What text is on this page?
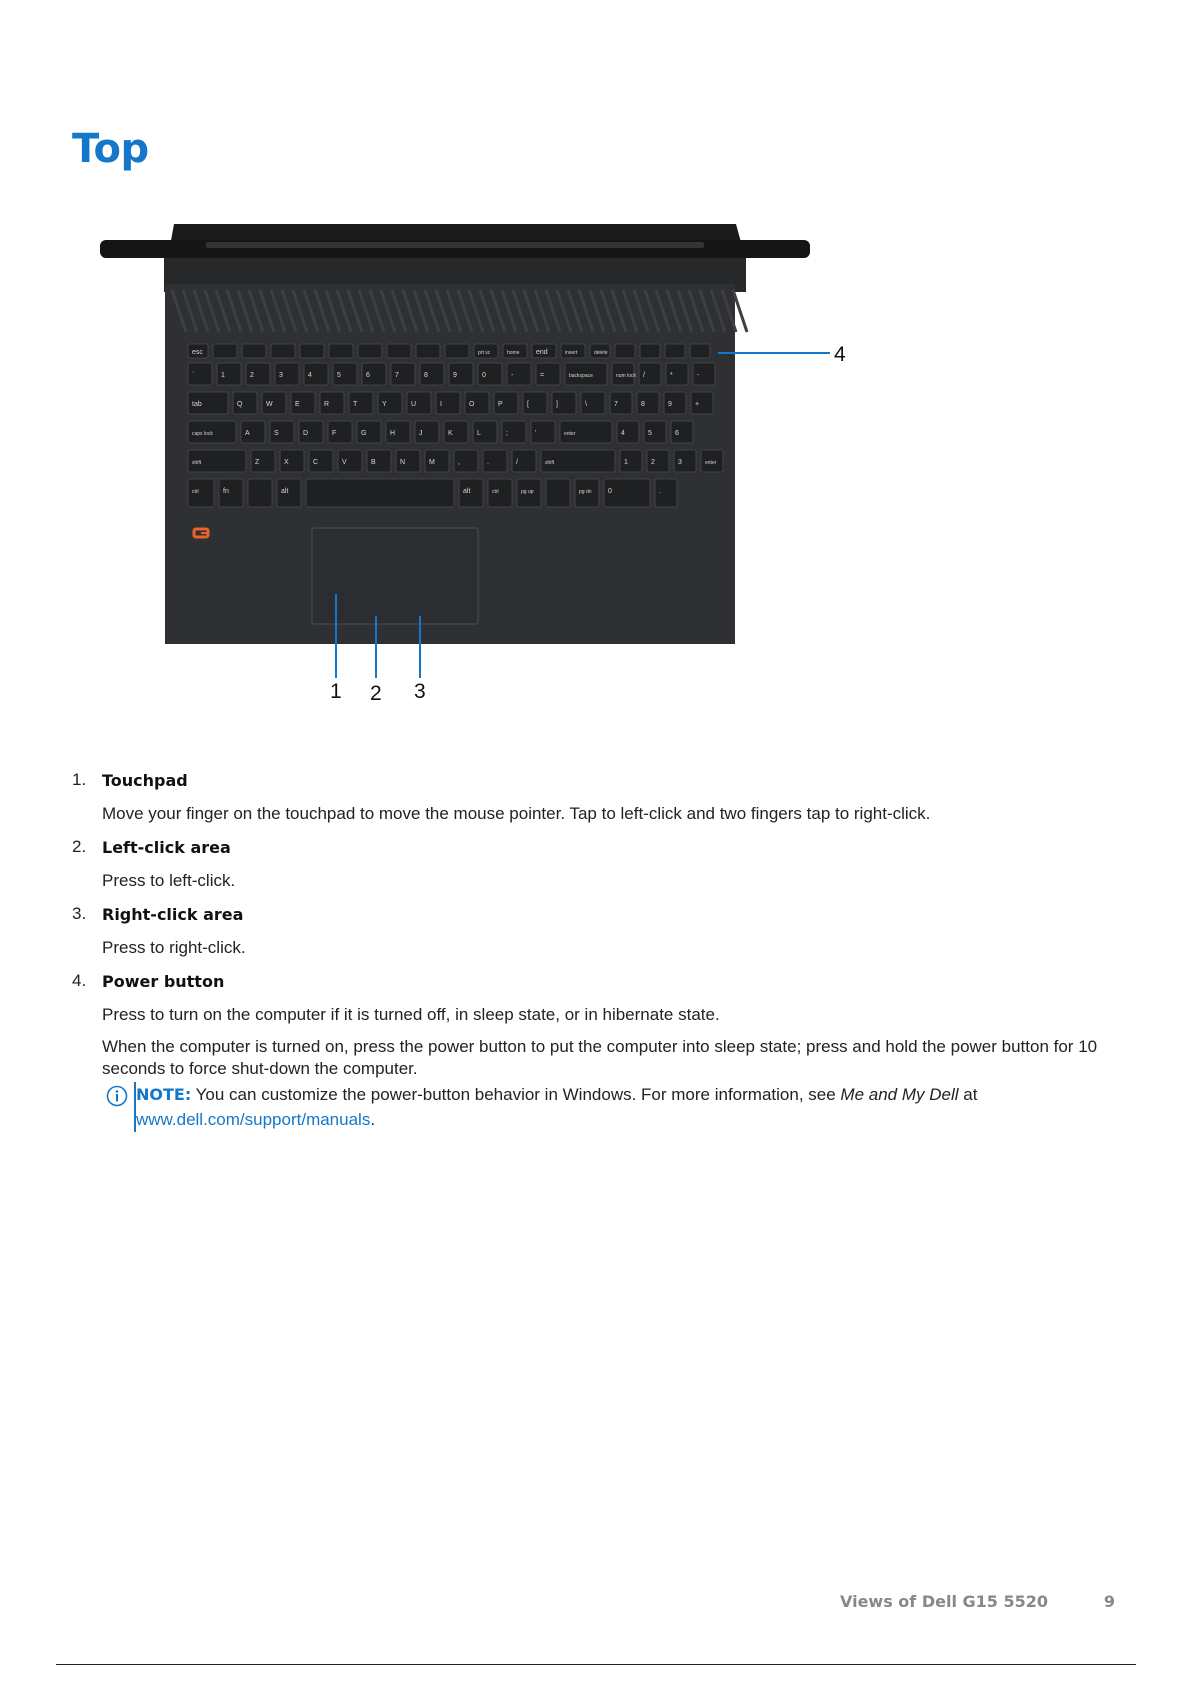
Top
esc	prt sc	home end	insert	delete
`	1	2	3	4	5	6	7	8	9	0	-	=	backspace	num lock /	*	-
tab	Q	W	E	R	T	Y	U	I	O	P	[	]	\	7	8	9	+
caps lock	A	S	D	F	G	H	J	K	L	;	'	enter	4	5	6
shift	Z	X	C	V	B	N	M	,	.	/	shift	1	2	3	enter
ctrl	fn	alt	alt	ctrl	pg up	pg dn 0	.
1 2 3
4
1. Touchpad
Move your finger on the touchpad to move the mouse pointer. Tap to left-click and two fingers tap to right-click.
2. Left-click area
Press to left-click.
3. Right-click area
Press to right-click.
4. Power button
Press to turn on the computer if it is turned off, in sleep state, or in hibernate state.
When the computer is turned on, press the power button to put the computer into sleep state; press and hold the power button for 10 seconds to force shut-down the computer.
NOTE: You can customize the power-button behavior in Windows. For more information, see Me and My Dell at
www.dell.com/support/manuals.
Views of Dell G15 5520	9
